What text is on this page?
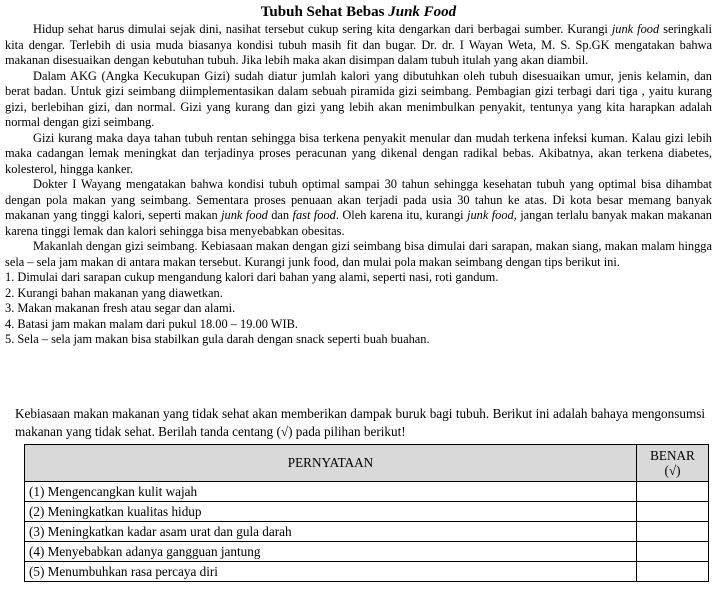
Tubuh Sehat Bebas Junk Food

Hidup sehat harus dimulai sejak dini, nasihat tersebut cukup sering kita dengarkan dari berbagai sumber. Kurangi junk food seringkali kita dengar. Terlebih di usia muda biasanya kondisi tubuh masih fit dan bugar. Dr. dr. I Wayan Weta, M. S. Sp.GK mengatakan bahwa makanan disesuaikan dengan kebutuhan tubuh. Jika lebih maka akan disimpan dalam tubuh itulah yang akan diambil.

Dalam AKG (Angka Kecukupan Gizi) sudah diatur jumlah kalori yang dibutuhkan oleh tubuh disesuaikan umur, jenis kelamin, dan berat badan. Untuk gizi seimbang diimplementasikan dalam sebuah piramida gizi seimbang. Pembagian gizi terbagi dari tiga , yaitu kurang gizi, berlebihan gizi, dan normal. Gizi yang kurang dan gizi yang lebih akan menimbulkan penyakit, tentunya yang kita harapkan adalah normal dengan gizi seimbang.

Gizi kurang maka daya tahan tubuh rentan sehingga bisa terkena penyakit menular dan mudah terkena infeksi kuman. Kalau gizi lebih maka cadangan lemak meningkat dan terjadinya proses peracunan yang dikenal dengan radikal bebas. Akibatnya, akan terkena diabetes, kolesterol, hingga kanker.

Dokter I Wayang mengatakan bahwa kondisi tubuh optimal sampai 30 tahun sehingga kesehatan tubuh yang optimal bisa dihambat dengan pola makan yang seimbang. Sementara proses penuaan akan terjadi pada usia 30 tahun ke atas. Di kota besar memang banyak makanan yang tinggi kalori, seperti makan junk food dan fast food. Oleh karena itu, kurangi junk food, jangan terlalu banyak makan makanan karena tinggi lemak dan kalori sehingga bisa menyebabkan obesitas.

Makanlah dengan gizi seimbang. Kebiasaan makan dengan gizi seimbang bisa dimulai dari sarapan, makan siang, makan malam hingga sela – sela jam makan di antara makan tersebut. Kurangi junk food, dan mulai pola makan seimbang dengan tips berikut ini.

1. Dimulai dari sarapan cukup mengandung kalori dari bahan yang alami, seperti nasi, roti gandum.
2. Kurangi bahan makanan yang diawetkan.
3. Makan makanan fresh atau segar dan alami.
4. Batasi jam makan malam dari pukul 18.00 – 19.00 WIB.
5. Sela – sela jam makan bisa stabilkan gula darah dengan snack seperti buah buahan.
Kebiasaan makan makanan yang tidak sehat akan memberikan dampak buruk bagi tubuh. Berikut ini adalah bahaya mengonsumsi makanan yang tidak sehat. Berilah tanda centang (√) pada pilihan berikut!
PERNYATAAN	BENAR
(√)

(1) Mengencangkan kulit wajah	
(2) Meningkatkan kualitas hidup	
(3) Meningkatkan kadar asam urat dan gula darah	
(4) Menyebabkan adanya gangguan jantung	
(5) Menumbuhkan rasa percaya diri	
